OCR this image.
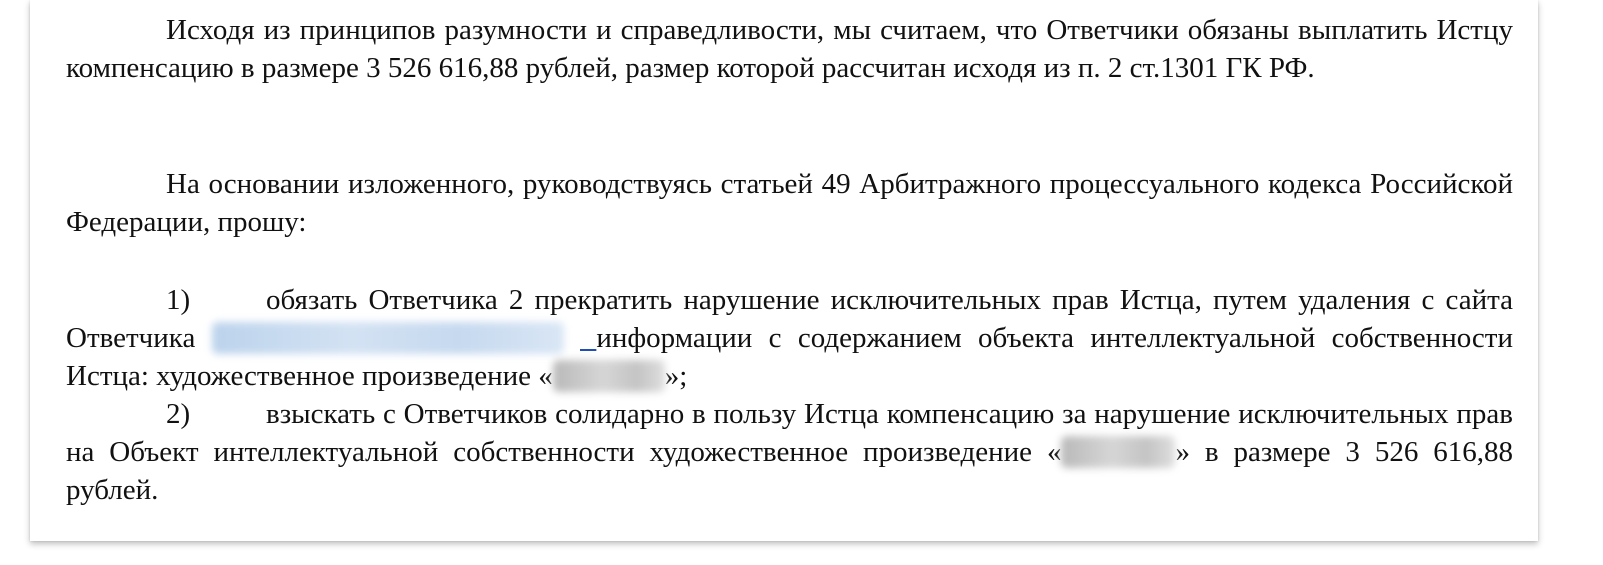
Исходя из принципов разумности и справедливости, мы считаем, что Ответчики обязаны выплатить Истцу компенсацию в размере 3 526 616,88 рублей, размер которой рассчитан исходя из п. 2 ст.1301 ГК РФ.

На основании изложенного, руководствуясь статьей 49 Арбитражного процессуального кодекса Российской Федерации, прошу:

1)	обязать Ответчика 2 прекратить нарушение исключительных прав Истца, путем удаления с сайта Ответчика	​ информации с содержанием объекта интеллектуальной собственности Истца: художественное произведение «	»;

2)	взыскать с Ответчиков солидарно в пользу Истца компенсацию за нарушение исключительных прав на Объект интеллектуальной собственности художественное произведение «	» в размере 3 526 616,88 рублей.
